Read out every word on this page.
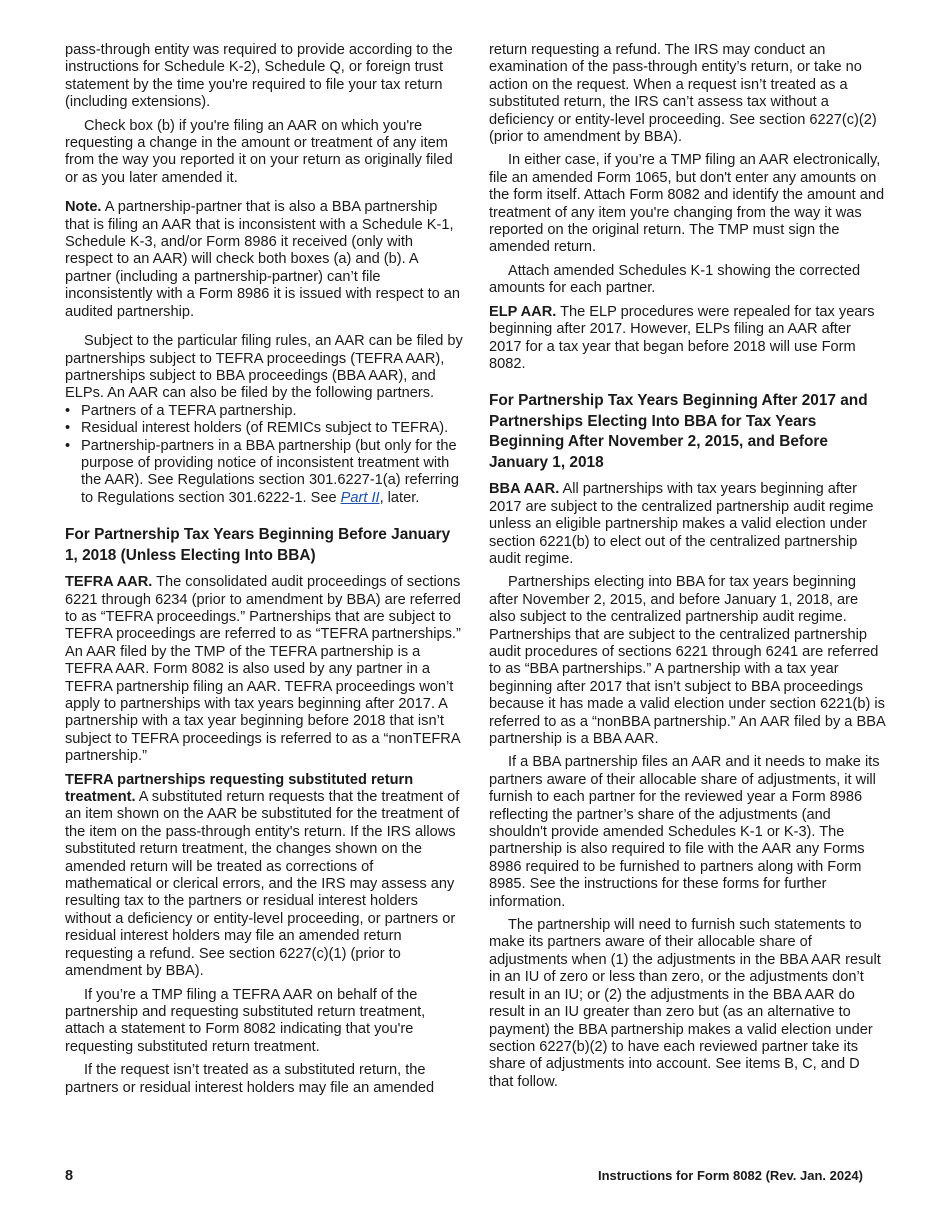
pass-through entity was required to provide according to the instructions for Schedule K-2), Schedule Q, or foreign trust statement by the time you're required to file your tax return (including extensions).

Check box (b) if you're filing an AAR on which you're requesting a change in the amount or treatment of any item from the way you reported it on your return as originally filed or as you later amended it.

Note. A partnership-partner that is also a BBA partnership that is filing an AAR that is inconsistent with a Schedule K-1, Schedule K-3, and/or Form 8986 it received (only with respect to an AAR) will check both boxes (a) and (b). A partner (including a partnership-partner) can’t file inconsistently with a Form 8986 it is issued with respect to an audited partnership.

Subject to the particular filing rules, an AAR can be filed by partnerships subject to TEFRA proceedings (TEFRA AAR), partnerships subject to BBA proceedings (BBA AAR), and ELPs. An AAR can also be filed by the following partners.

• Partners of a TEFRA partnership.
• Residual interest holders (of REMICs subject to TEFRA).
• Partnership-partners in a BBA partnership (but only for the purpose of providing notice of inconsistent treatment with the AAR). See Regulations section 301.6227-1(a) referring to Regulations section 301.6222-1. See Part II, later.
For Partnership Tax Years Beginning Before January 1, 2018 (Unless Electing Into BBA)

TEFRA AAR. The consolidated audit proceedings of sections 6221 through 6234 (prior to amendment by BBA) are referred to as “TEFRA proceedings.” Partnerships that are subject to TEFRA proceedings are referred to as “TEFRA partnerships.” An AAR filed by the TMP of the TEFRA partnership is a TEFRA AAR. Form 8082 is also used by any partner in a TEFRA partnership filing an AAR. TEFRA proceedings won’t apply to partnerships with tax years beginning after 2017. A partnership with a tax year beginning before 2018 that isn’t subject to TEFRA proceedings is referred to as a “nonTEFRA partnership.”

TEFRA partnerships requesting substituted return treatment. A substituted return requests that the treatment of an item shown on the AAR be substituted for the treatment of the item on the pass-through entity's return. If the IRS allows substituted return treatment, the changes shown on the amended return will be treated as corrections of mathematical or clerical errors, and the IRS may assess any resulting tax to the partners or residual interest holders without a deficiency or entity-level proceeding, or partners or residual interest holders may file an amended return requesting a refund. See section 6227(c)(1) (prior to amendment by BBA).

If you’re a TMP filing a TEFRA AAR on behalf of the partnership and requesting substituted return treatment, attach a statement to Form 8082 indicating that you're requesting substituted return treatment.

If the request isn’t treated as a substituted return, the partners or residual interest holders may file an amended

return requesting a refund. The IRS may conduct an examination of the pass-through entity’s return, or take no action on the request. When a request isn’t treated as a substituted return, the IRS can’t assess tax without a deficiency or entity-level proceeding. See section 6227(c)(2) (prior to amendment by BBA).

In either case, if you’re a TMP filing an AAR electronically, file an amended Form 1065, but don't enter any amounts on the form itself. Attach Form 8082 and identify the amount and treatment of any item you're changing from the way it was reported on the original return. The TMP must sign the amended return.

Attach amended Schedules K-1 showing the corrected amounts for each partner.

ELP AAR. The ELP procedures were repealed for tax years beginning after 2017. However, ELPs filing an AAR after 2017 for a tax year that began before 2018 will use Form 8082.

For Partnership Tax Years Beginning After 2017 and Partnerships Electing Into BBA for Tax Years Beginning After November 2, 2015, and Before January 1, 2018

BBA AAR. All partnerships with tax years beginning after 2017 are subject to the centralized partnership audit regime unless an eligible partnership makes a valid election under section 6221(b) to elect out of the centralized partnership audit regime.

Partnerships electing into BBA for tax years beginning after November 2, 2015, and before January 1, 2018, are also subject to the centralized partnership audit regime. Partnerships that are subject to the centralized partnership audit procedures of sections 6221 through 6241 are referred to as “BBA partnerships.” A partnership with a tax year beginning after 2017 that isn’t subject to BBA proceedings because it has made a valid election under section 6221(b) is referred to as a “nonBBA partnership.” An AAR filed by a BBA partnership is a BBA AAR.

If a BBA partnership files an AAR and it needs to make its partners aware of their allocable share of adjustments, it will furnish to each partner for the reviewed year a Form 8986 reflecting the partner’s share of the adjustments (and shouldn't provide amended Schedules K-1 or K-3). The partnership is also required to file with the AAR any Forms 8986 required to be furnished to partners along with Form 8985. See the instructions for these forms for further information.

The partnership will need to furnish such statements to make its partners aware of their allocable share of adjustments when (1) the adjustments in the BBA AAR result in an IU of zero or less than zero, or the adjustments don’t result in an IU; or (2) the adjustments in the BBA AAR do result in an IU greater than zero but (as an alternative to payment) the BBA partnership makes a valid election under section 6227(b)(2) to have each reviewed partner take its share of adjustments into account. See items B, C, and D that follow.

8	Instructions for Form 8082 (Rev. Jan. 2024)
